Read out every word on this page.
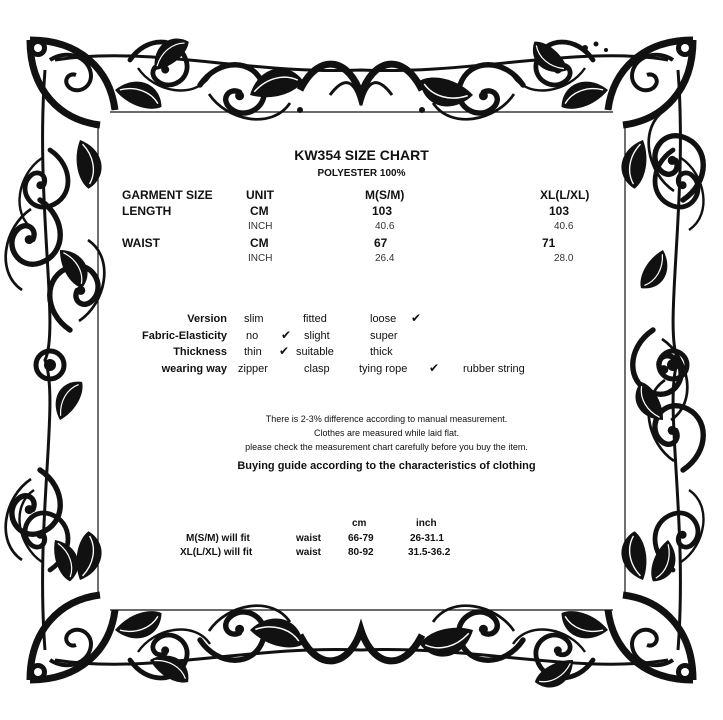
KW354 SIZE CHART
POLYESTER 100%
GARMENT SIZE	UNIT	M(S/M)	XL(L/XL)
LENGTH	CM	103	103
INCH	40.6	40.6
WAIST	CM	67	71
INCH	26.4	28.0
Version slim	fitted	loose ✔
Fabric-Elasticity no ✔ slight	super
Thickness thin ✔ suitable	thick
wearing way zipper	clasp	tying rope ✔ rubber string
There is 2-3% difference according to manual measurement.
Clothes are measured while laid flat.
please check the measurement chart carefully before you buy the item.
Buying guide according to the characteristics of clothing
cm	inch
M(S/M) will fit	waist	66-79	26-31.1
XL(L/XL) will fit	waist	80-92	31.5-36.2
